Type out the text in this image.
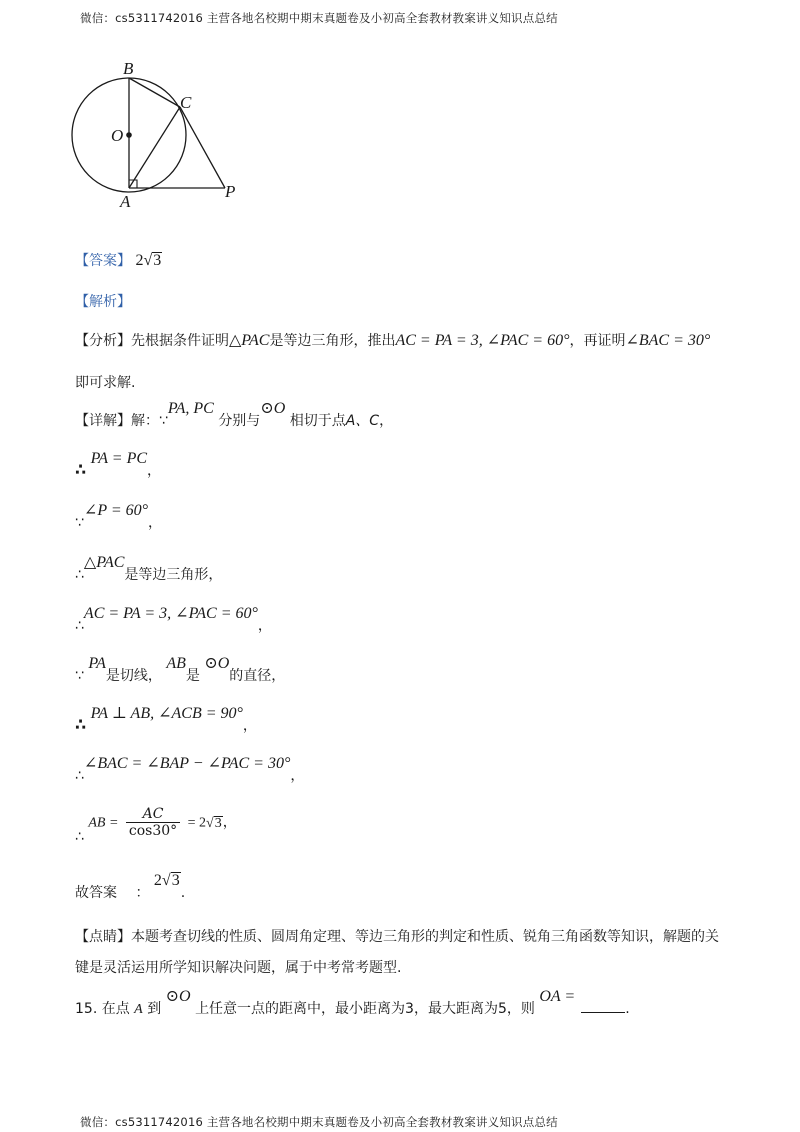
微信：cs5311742016 主营各地名校期中期末真题卷及小初高全套教材教案讲义知识点总结
B
C
O
A
P
【答案】 2√3
【解析】
【分析】先根据条件证明△PAC是等边三角形，推出AC = PA = 3, ∠PAC = 60°，再证明∠BAC = 30°
即可求解.
【详解】解：∵PA, PC 分别与⊙O 相切于点A、C，
∴ PA = PC，
∵∠P = 60°，
∴△PAC是等边三角形，
∴AC = PA = 3, ∠PAC = 60°，
∵ PA是切线， AB是 ⊙O的直径，
∴ PA ⊥ AB, ∠ACB = 90°，
∴∠BAC = ∠BAP − ∠PAC = 30°，
∴ AB = $\frac{AC}{\cos 30^\circ} = 2√3$，
故答案 ： 2√3.
【点睛】本题考查切线的性质、圆周角定理、等边三角形的判定和性质、锐角三角函数等知识，解题的关
键是灵活运用所学知识解决问题，属于中考常考题型.
15. 在点 A 到 ⊙O 上任意一点的距离中，最小距离为3，最大距离为5，则 OA =.
微信：cs5311742016 主营各地名校期中期末真题卷及小初高全套教材教案讲义知识点总结
